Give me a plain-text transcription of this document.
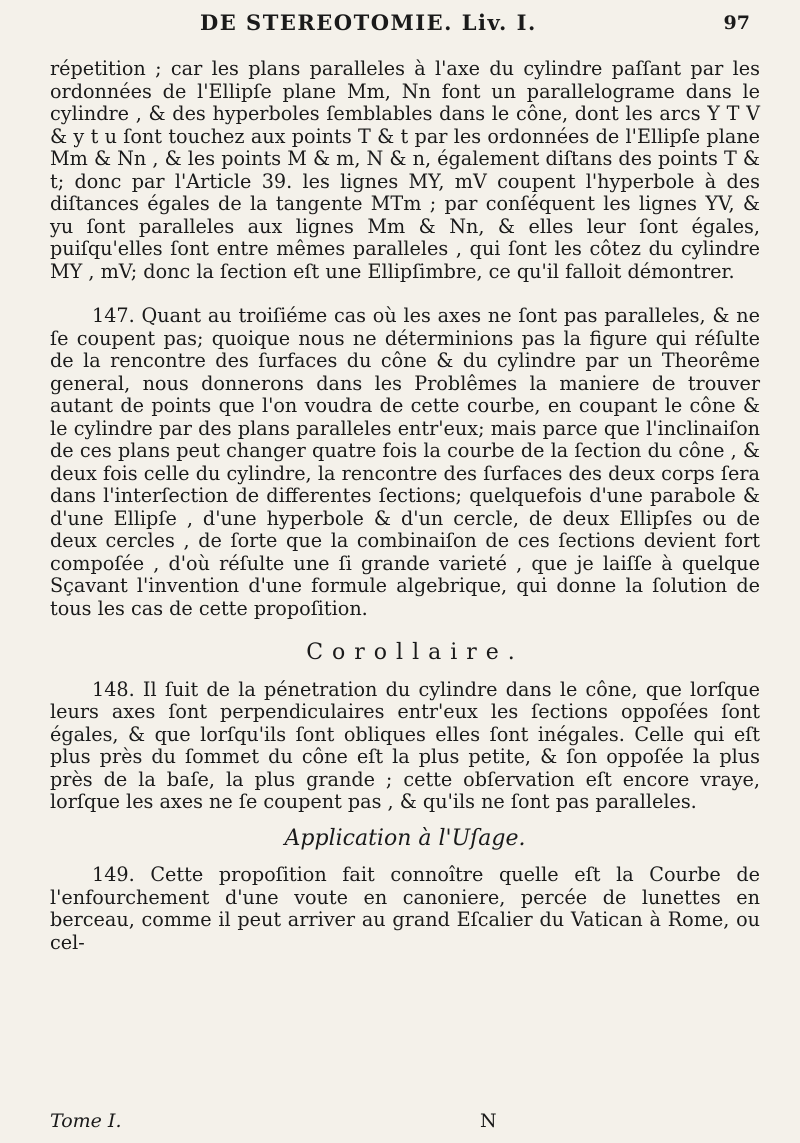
DE STEREOTOMIE. Liv. I.	97

répetition ; car les plans paralleles à l'axe du cylindre paſſant par les ordonnées de l'Ellipſe plane Mm, Nn font un parallelograme dans le cylindre , & des hyperboles ſemblables dans le cône, dont les arcs Y T V & y t u ſont touchez aux points T & t par les ordonnées de l'Ellipſe plane Mm & Nn , & les points M & m, N & n, également diſtans des points T & t; donc par l'Article 39. les lignes MY, mV coupent l'hyperbole à des diſtances égales de la tangente MTm ; par conſéquent les lignes YV, & yu ſont paralleles aux lignes Mm & Nn, & elles leur ſont égales, puiſqu'elles ſont entre mêmes paralleles , qui ſont les côtez du cylindre MY , mV; donc la ſection eſt une Ellipſimbre, ce qu'il falloit démontrer.

147. Quant au troiſiéme cas où les axes ne ſont pas paralleles, & ne ſe coupent pas; quoique nous ne déterminions pas la figure qui réſulte de la rencontre des ſurfaces du cône & du cylindre par un Theorême general, nous donnerons dans les Problêmes la maniere de trouver autant de points que l'on voudra de cette courbe, en coupant le cône & le cylindre par des plans paralleles entr'eux; mais parce que l'inclinaiſon de ces plans peut changer quatre fois la courbe de la ſection du cône , & deux fois celle du cylindre, la rencontre des ſurfaces des deux corps ſera dans l'interſection de differentes ſections; quelquefois d'une parabole & d'une Ellipſe , d'une hyperbole & d'un cercle, de deux Ellipſes ou de deux cercles , de ſorte que la combinaiſon de ces ſections devient fort compoſée , d'où réſulte une ſi grande varieté , que je laiſſe à quelque Sçavant l'invention d'une formule algebrique, qui donne la ſolution de tous les cas de cette propoſition.

Corollaire.

148. Il ſuit de la pénetration du cylindre dans le cône, que lorſque leurs axes ſont perpendiculaires entr'eux les ſections oppoſées ſont égales, & que lorſqu'ils ſont obliques elles ſont inégales. Celle qui eſt plus près du ſommet du cône eſt la plus petite, & ſon oppoſée la plus près de la baſe, la plus grande ; cette obſervation eſt encore vraye, lorſque les axes ne ſe coupent pas , & qu'ils ne ſont pas paralleles.

Application à l'Uſage.

149. Cette propoſition fait connoître quelle eſt la Courbe de l'enfourchement d'une voute en canoniere, percée de lunettes en berceau, comme il peut arriver au grand Eſcalier du Vatican à Rome, ou cel-

Tome I.	N
